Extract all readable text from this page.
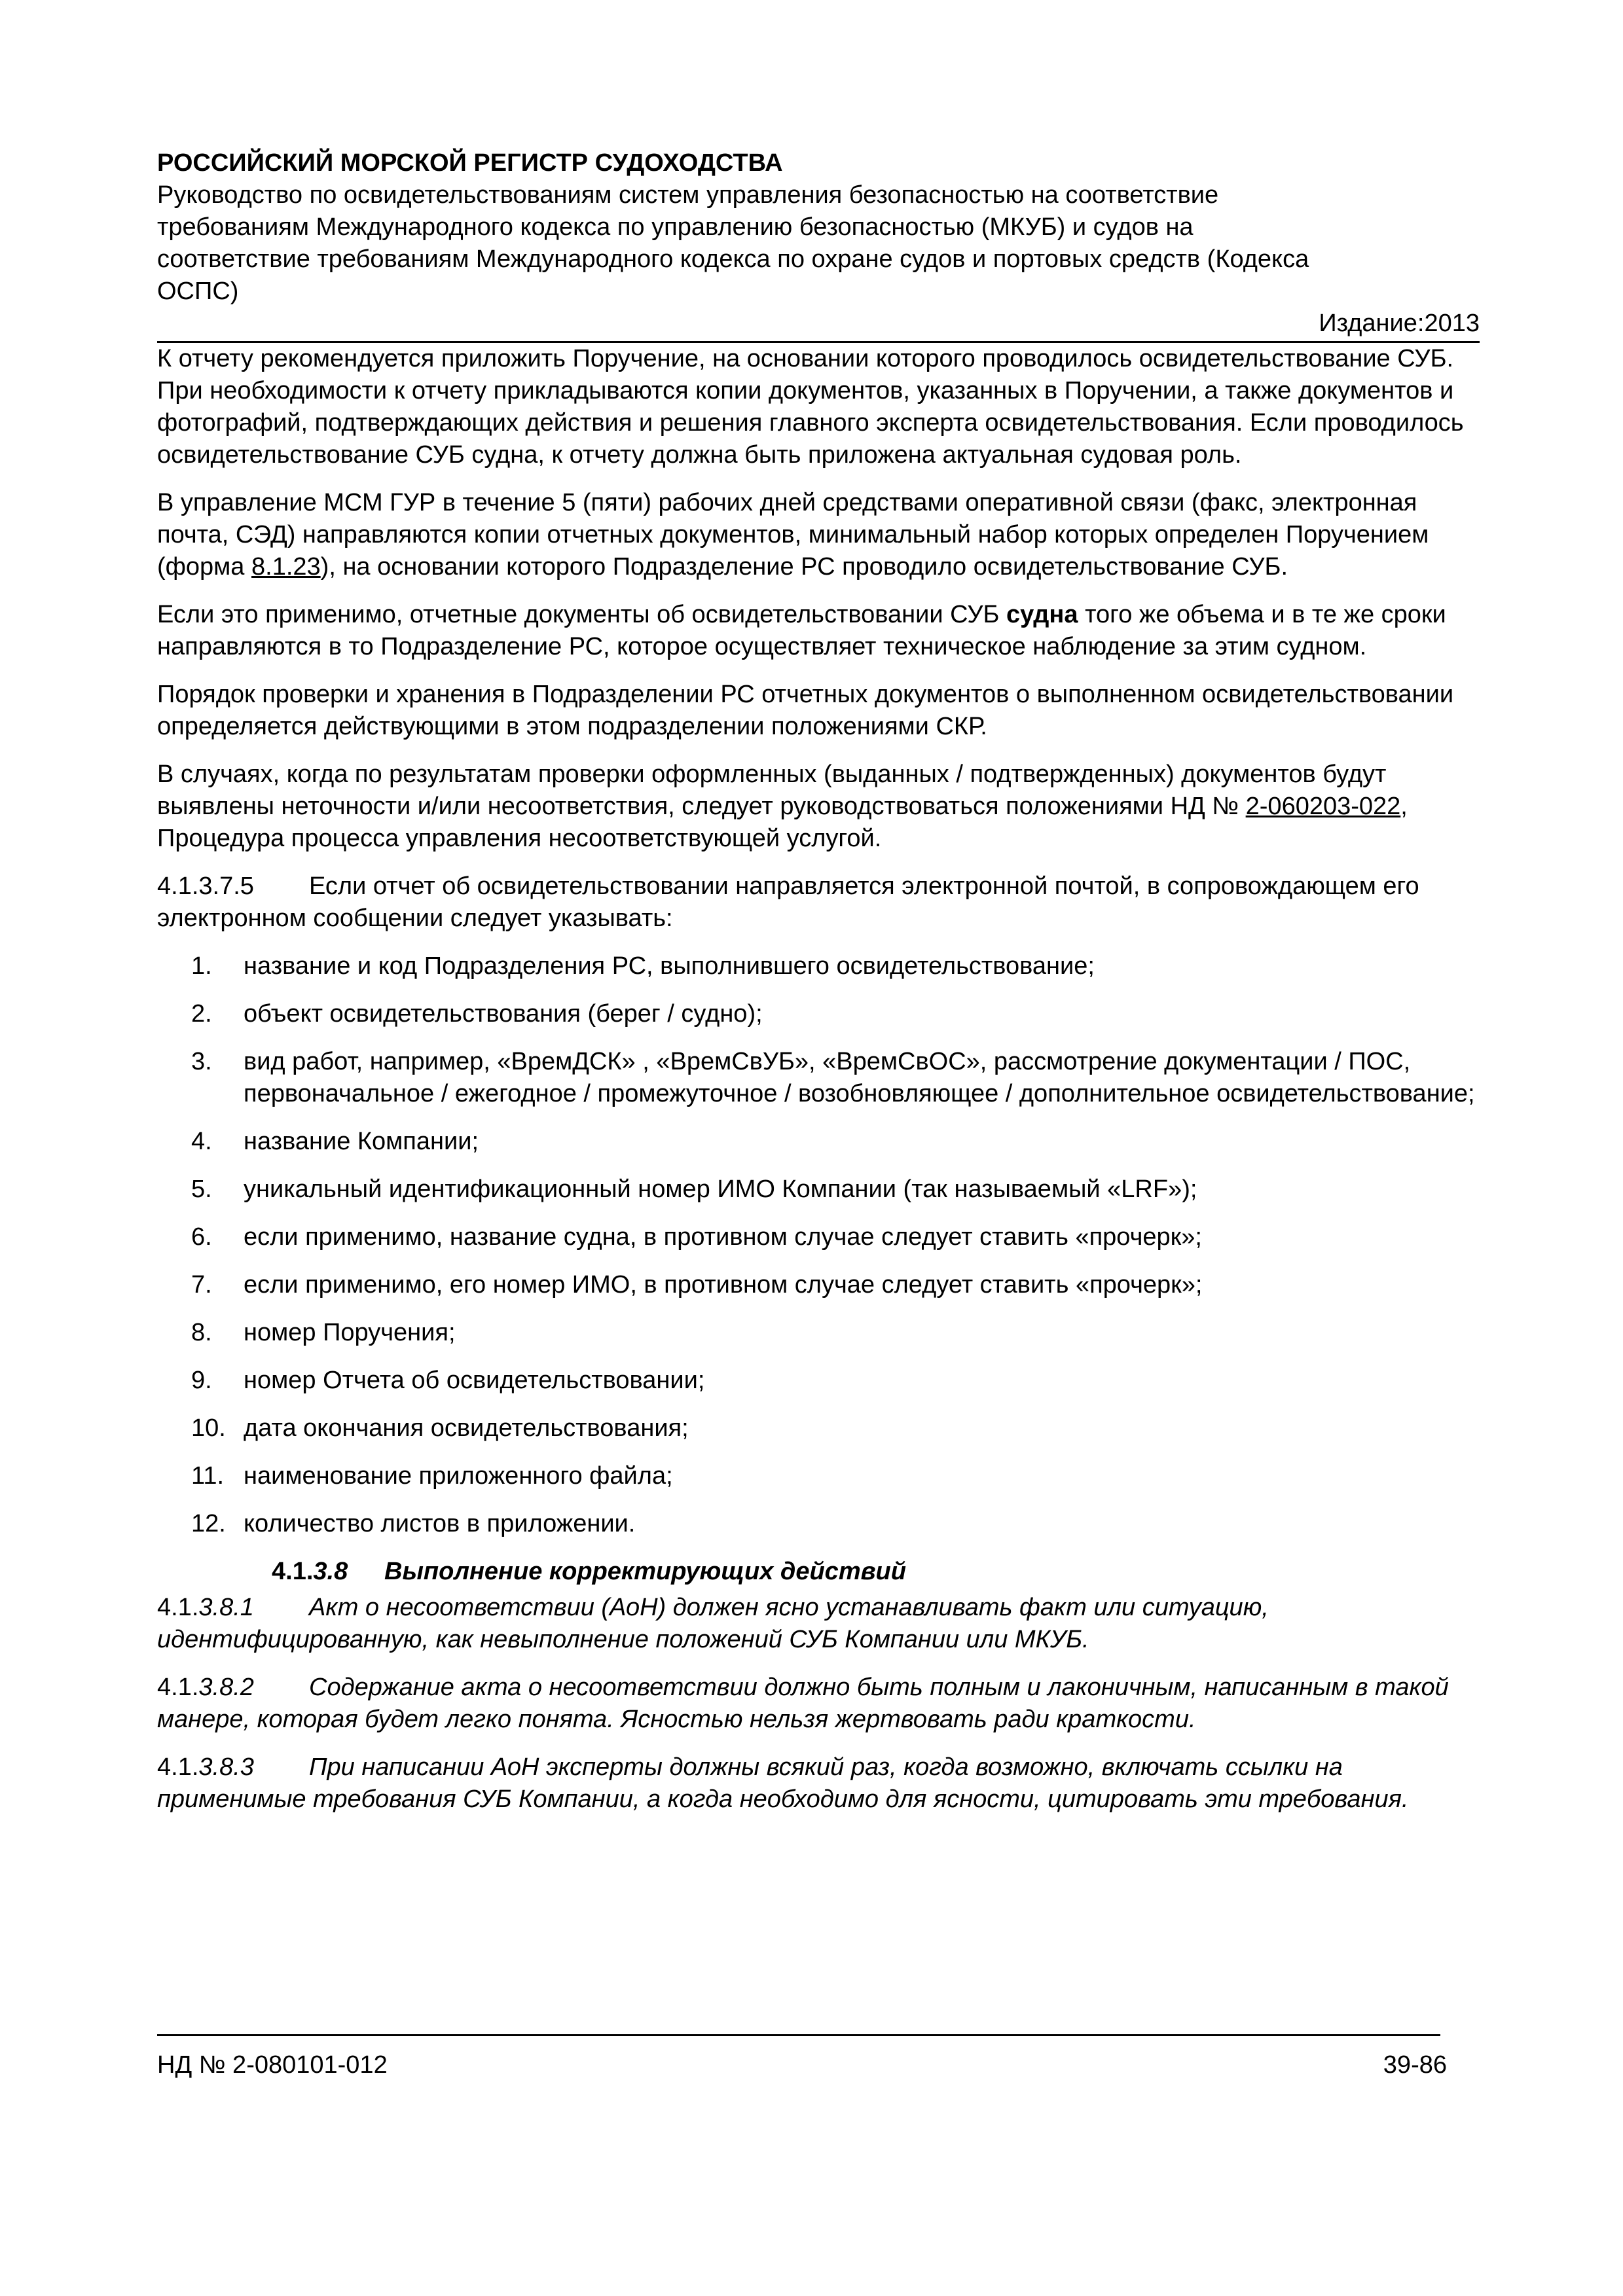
РОССИЙСКИЙ МОРСКОЙ РЕГИСТР СУДОХОДСТВА
Руководство по освидетельствованиям систем управления безопасностью на соответствие
требованиям Международного кодекса по управлению безопасностью (МКУБ) и судов на
соответствие требованиям Международного кодекса по охране судов и портовых средств (Кодекса
ОСПС)
Издание:2013

К отчету рекомендуется приложить Поручение, на основании которого проводилось освидетельствование СУБ. При необходимости к отчету прикладываются копии документов, указанных в Поручении, а также документов и фотографий, подтверждающих действия и решения главного эксперта освидетельствования. Если проводилось освидетельствование СУБ судна, к отчету должна быть приложена актуальная судовая роль.

В управление МСМ ГУР в течение 5 (пяти) рабочих дней средствами оперативной связи (факс, электронная почта, СЭД) направляются копии отчетных документов, минимальный набор которых определен Поручением (форма 8.1.23), на основании которого Подразделение РС проводило освидетельствование СУБ.

Если это применимо, отчетные документы об освидетельствовании СУБ судна того же объема и в те же сроки направляются в то Подразделение РС, которое осуществляет техническое наблюдение за этим судном.

Порядок проверки и хранения в Подразделении РС отчетных документов о выполненном освидетельствовании определяется действующими в этом подразделении положениями СКР.

В случаях, когда по результатам проверки оформленных (выданных / подтвержденных) документов будут выявлены неточности и/или несоответствия, следует руководствоваться положениями НД № 2-060203-022, Процедура процесса управления несоответствующей услугой.

4.1.3.7.5 Если отчет об освидетельствовании направляется электронной почтой, в сопровождающем его электронном сообщении следует указывать:

1.	название и код Подразделения РС, выполнившего освидетельствование;
2.	объект освидетельствования (берег / судно);
3.	вид работ, например, «ВремДСК» , «ВремСвУБ», «ВремСвОС», рассмотрение документации / ПОС, первоначальное / ежегодное / промежуточное / возобновляющее / дополнительное освидетельствование;
4.	название Компании;
5.	уникальный идентификационный номер ИМО Компании (так называемый «LRF»);
6.	если применимо, название судна, в противном случае следует ставить «прочерк»;
7.	если применимо, его номер ИМО, в противном случае следует ставить «прочерк»;
8.	номер Поручения;
9.	номер Отчета об освидетельствовании;
10. дата окончания освидетельствования;
11. наименование приложенного файла;
12. количество листов в приложении.
4.1.3.8 Выполнение корректирующих действий

4.1.3.8.1 Акт о несоответствии (АоН) должен ясно устанавливать факт или ситуацию, идентифицированную, как невыполнение положений СУБ Компании или МКУБ.

4.1.3.8.2 Содержание акта о несоответствии должно быть полным и лаконичным, написанным в такой манере, которая будет легко понята. Ясностью нельзя жертвовать ради краткости.

4.1.3.8.3 При написании АоН эксперты должны всякий раз, когда возможно, включать ссылки на применимые требования СУБ Компании, а когда необходимо для ясности, цитировать эти требования.

НД № 2-080101-012	39-86
